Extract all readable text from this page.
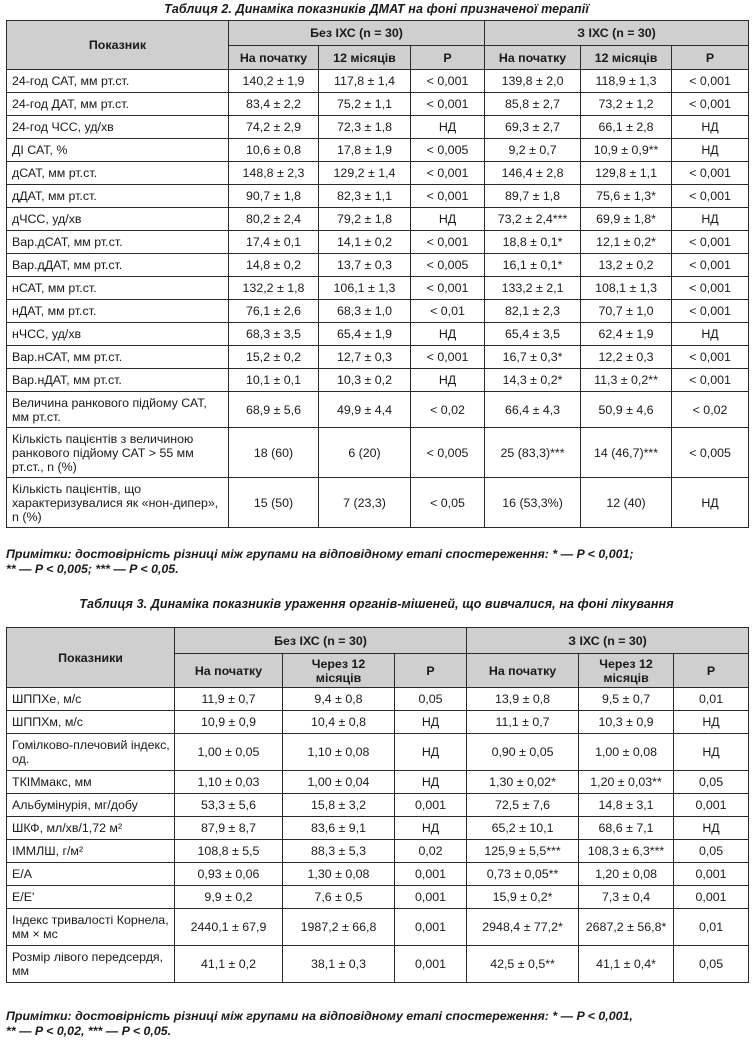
Таблиця 2. Динаміка показників ДМАТ на фоні призначеної терапії
Показник	Без ІХС (n = 30)			З ІХС (n = 30)		
	На початку	12 місяців	P	На початку	12 місяців	P
24-год САТ, мм рт.ст.	140,2 ± 1,9	117,8 ± 1,4	< 0,001	139,8 ± 2,0	118,9 ± 1,3	< 0,001
24-год ДАТ, мм рт.ст.	83,4 ± 2,2	75,2 ± 1,1	< 0,001	85,8 ± 2,7	73,2 ± 1,2	< 0,001
24-год ЧСС, уд/хв	74,2 ± 2,9	72,3 ± 1,8	НД	69,3 ± 2,7	66,1 ± 2,8	НД
ДІ САТ, %	10,6 ± 0,8	17,8 ± 1,9	< 0,005	9,2 ± 0,7	10,9 ± 0,9**	НД
дСАТ, мм рт.ст.	148,8 ± 2,3	129,2 ± 1,4	< 0,001	146,4 ± 2,8	129,8 ± 1,1	< 0,001
дДАТ, мм рт.ст.	90,7 ± 1,8	82,3 ± 1,1	< 0,001	89,7 ± 1,8	75,6 ± 1,3*	< 0,001
дЧСС, уд/хв	80,2 ± 2,4	79,2 ± 1,8	НД	73,2 ± 2,4***	69,9 ± 1,8*	НД
Вар.дСАТ, мм рт.ст.	17,4 ± 0,1	14,1 ± 0,2	< 0,001	18,8 ± 0,1*	12,1 ± 0,2*	< 0,001
Вар.дДАТ, мм рт.ст.	14,8 ± 0,2	13,7 ± 0,3	< 0,005	16,1 ± 0,1*	13,2 ± 0,2	< 0,001
нСАТ, мм рт.ст.	132,2 ± 1,8	106,1 ± 1,3	< 0,001	133,2 ± 2,1	108,1 ± 1,3	< 0,001
нДАТ, мм рт.ст.	76,1 ± 2,6	68,3 ± 1,0	< 0,01	82,1 ± 2,3	70,7 ± 1,0	< 0,001
нЧСС, уд/хв	68,3 ± 3,5	65,4 ± 1,9	НД	65,4 ± 3,5	62,4 ± 1,9	НД
Вар.нСАТ, мм рт.ст.	15,2 ± 0,2	12,7 ± 0,3	< 0,001	16,7 ± 0,3*	12,2 ± 0,3	< 0,001
Вар.нДАТ, мм рт.ст.	10,1 ± 0,1	10,3 ± 0,2	НД	14,3 ± 0,2*	11,3 ± 0,2**	< 0,001
Величина ранкового підйому САТ, мм рт.ст.	68,9 ± 5,6	49,9 ± 4,4	< 0,02	66,4 ± 4,3	50,9 ± 4,6	< 0,02
Кількість пацієнтів з величиною ранкового підйому САТ > 55 мм рт.ст., n (%)	18 (60)	6 (20)	< 0,005	25 (83,3)***	14 (46,7)***	< 0,005
Кількість пацієнтів, що характеризувалися як «нон-дипер», n (%)	15 (50)	7 (23,3)	< 0,05	16 (53,3%)	12 (40)	НД
Примітки: достовірність різниці між групами на відповідному етапі спостереження: * — P < 0,001;
** — P < 0,005; *** — P < 0,05.
Таблиця 3. Динаміка показників ураження органів-мішеней, що вивчалися, на фоні лікування
Показники	Без ІХС (n = 30)			З ІХС (n = 30)		
	На початку	Через 12 місяців	P	На початку	Через 12 місяців	P
ШППХе, м/с	11,9 ± 0,7	9,4 ± 0,8	0,05	13,9 ± 0,8	9,5 ± 0,7	0,01
ШППХм, м/с	10,9 ± 0,9	10,4 ± 0,8	НД	11,1 ± 0,7	10,3 ± 0,9	НД
Гомілково-плечовий індекс, од.	1,00 ± 0,05	1,10 ± 0,08	НД	0,90 ± 0,05	1,00 ± 0,08	НД
ТКІМмакс, мм	1,10 ± 0,03	1,00 ± 0,04	НД	1,30 ± 0,02*	1,20 ± 0,03**	0,05
Альбумінурія, мг/добу	53,3 ± 5,6	15,8 ± 3,2	0,001	72,5 ± 7,6	14,8 ± 3,1	0,001
ШКФ, мл/хв/1,72 м²	87,9 ± 8,7	83,6 ± 9,1	НД	65,2 ± 10,1	68,6 ± 7,1	НД
ІММЛШ, г/м²	108,8 ± 5,5	88,3 ± 5,3	0,02	125,9 ± 5,5***	108,3 ± 6,3***	0,05
Е/А	0,93 ± 0,06	1,30 ± 0,08	0,001	0,73 ± 0,05**	1,20 ± 0,08	0,001
Е/Е'	9,9 ± 0,2	7,6 ± 0,5	0,001	15,9 ± 0,2*	7,3 ± 0,4	0,001
Індекс тривалості Корнела, мм × мс	2440,1 ± 67,9	1987,2 ± 66,8	0,001	2948,4 ± 77,2*	2687,2 ± 56,8*	0,01
Розмір лівого передсердя, мм	41,1 ± 0,2	38,1 ± 0,3	0,001	42,5 ± 0,5**	41,1 ± 0,4*	0,05
Примітки: достовірність різниці між групами на відповідному етапі спостереження: * — P < 0,001,
** — P < 0,02, *** — P < 0,05.
